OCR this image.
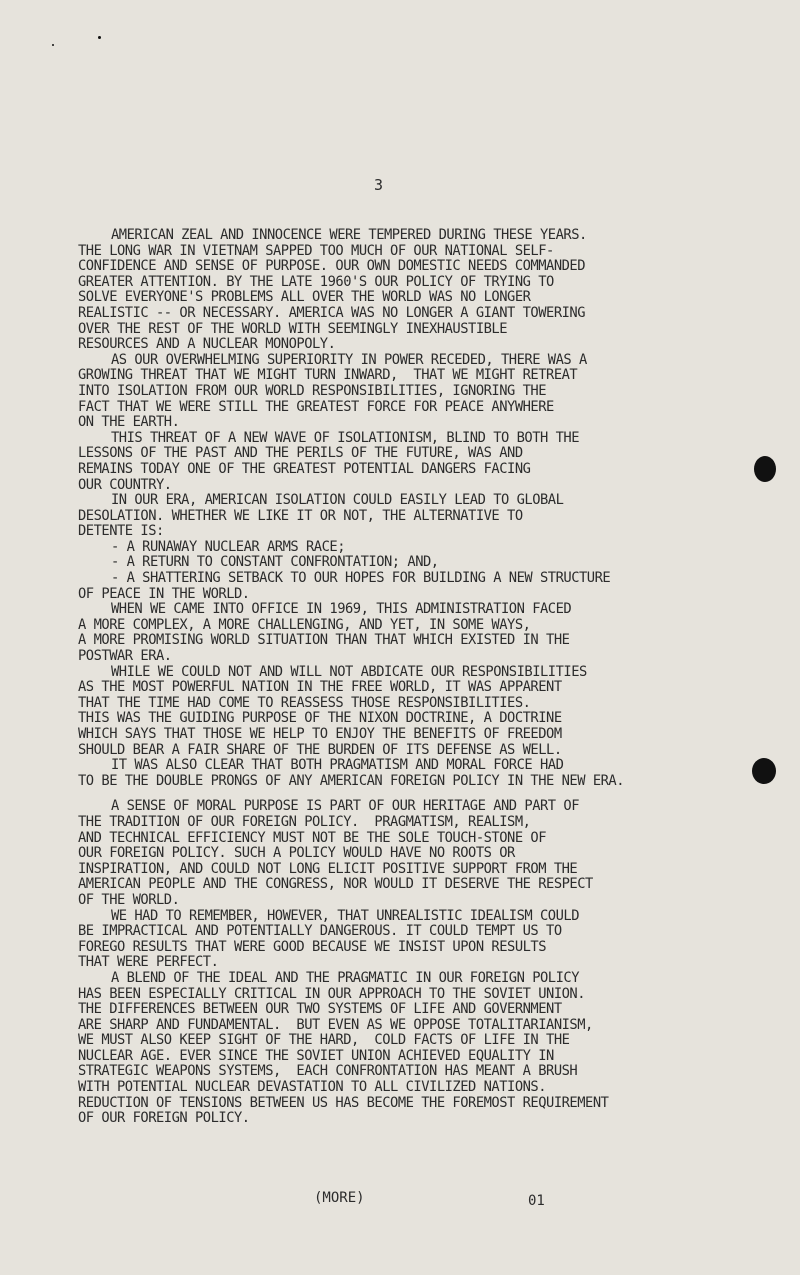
3
AMERICAN ZEAL AND INNOCENCE WERE TEMPERED DURING THESE YEARS.
THE LONG WAR IN VIETNAM SAPPED TOO MUCH OF OUR NATIONAL SELF-
CONFIDENCE AND SENSE OF PURPOSE. OUR OWN DOMESTIC NEEDS COMMANDED
GREATER ATTENTION. BY THE LATE 1960'S OUR POLICY OF TRYING TO
SOLVE EVERYONE'S PROBLEMS ALL OVER THE WORLD WAS NO LONGER
REALISTIC -- OR NECESSARY. AMERICA WAS NO LONGER A GIANT TOWERING
OVER THE REST OF THE WORLD WITH SEEMINGLY INEXHAUSTIBLE
RESOURCES AND A NUCLEAR MONOPOLY.
AS OUR OVERWHELMING SUPERIORITY IN POWER RECEDED, THERE WAS A
GROWING THREAT THAT WE MIGHT TURN INWARD,  THAT WE MIGHT RETREAT
INTO ISOLATION FROM OUR WORLD RESPONSIBILITIES, IGNORING THE
FACT THAT WE WERE STILL THE GREATEST FORCE FOR PEACE ANYWHERE
ON THE EARTH.
THIS THREAT OF A NEW WAVE OF ISOLATIONISM, BLIND TO BOTH THE
LESSONS OF THE PAST AND THE PERILS OF THE FUTURE, WAS AND
REMAINS TODAY ONE OF THE GREATEST POTENTIAL DANGERS FACING
OUR COUNTRY.
IN OUR ERA, AMERICAN ISOLATION COULD EASILY LEAD TO GLOBAL
DESOLATION. WHETHER WE LIKE IT OR NOT, THE ALTERNATIVE TO
DETENTE IS:
- A RUNAWAY NUCLEAR ARMS RACE;
- A RETURN TO CONSTANT CONFRONTATION; AND,
- A SHATTERING SETBACK TO OUR HOPES FOR BUILDING A NEW STRUCTURE
OF PEACE IN THE WORLD.
WHEN WE CAME INTO OFFICE IN 1969, THIS ADMINISTRATION FACED
A MORE COMPLEX, A MORE CHALLENGING, AND YET, IN SOME WAYS,
A MORE PROMISING WORLD SITUATION THAN THAT WHICH EXISTED IN THE
POSTWAR ERA.
WHILE WE COULD NOT AND WILL NOT ABDICATE OUR RESPONSIBILITIES
AS THE MOST POWERFUL NATION IN THE FREE WORLD, IT WAS APPARENT
THAT THE TIME HAD COME TO REASSESS THOSE RESPONSIBILITIES.
THIS WAS THE GUIDING PURPOSE OF THE NIXON DOCTRINE, A DOCTRINE
WHICH SAYS THAT THOSE WE HELP TO ENJOY THE BENEFITS OF FREEDOM
SHOULD BEAR A FAIR SHARE OF THE BURDEN OF ITS DEFENSE AS WELL.
IT WAS ALSO CLEAR THAT BOTH PRAGMATISM AND MORAL FORCE HAD
TO BE THE DOUBLE PRONGS OF ANY AMERICAN FOREIGN POLICY IN THE NEW ERA.
A SENSE OF MORAL PURPOSE IS PART OF OUR HERITAGE AND PART OF
THE TRADITION OF OUR FOREIGN POLICY.  PRAGMATISM, REALISM,
AND TECHNICAL EFFICIENCY MUST NOT BE THE SOLE TOUCH-STONE OF
OUR FOREIGN POLICY. SUCH A POLICY WOULD HAVE NO ROOTS OR
INSPIRATION, AND COULD NOT LONG ELICIT POSITIVE SUPPORT FROM THE
AMERICAN PEOPLE AND THE CONGRESS, NOR WOULD IT DESERVE THE RESPECT
OF THE WORLD.
WE HAD TO REMEMBER, HOWEVER, THAT UNREALISTIC IDEALISM COULD
BE IMPRACTICAL AND POTENTIALLY DANGEROUS. IT COULD TEMPT US TO
FOREGO RESULTS THAT WERE GOOD BECAUSE WE INSIST UPON RESULTS
THAT WERE PERFECT.
A BLEND OF THE IDEAL AND THE PRAGMATIC IN OUR FOREIGN POLICY
HAS BEEN ESPECIALLY CRITICAL IN OUR APPROACH TO THE SOVIET UNION.
THE DIFFERENCES BETWEEN OUR TWO SYSTEMS OF LIFE AND GOVERNMENT
ARE SHARP AND FUNDAMENTAL.  BUT EVEN AS WE OPPOSE TOTALITARIANISM,
WE MUST ALSO KEEP SIGHT OF THE HARD,  COLD FACTS OF LIFE IN THE
NUCLEAR AGE. EVER SINCE THE SOVIET UNION ACHIEVED EQUALITY IN
STRATEGIC WEAPONS SYSTEMS,  EACH CONFRONTATION HAS MEANT A BRUSH
WITH POTENTIAL NUCLEAR DEVASTATION TO ALL CIVILIZED NATIONS.
REDUCTION OF TENSIONS BETWEEN US HAS BECOME THE FOREMOST REQUIREMENT
OF OUR FOREIGN POLICY.
(MORE)	01
